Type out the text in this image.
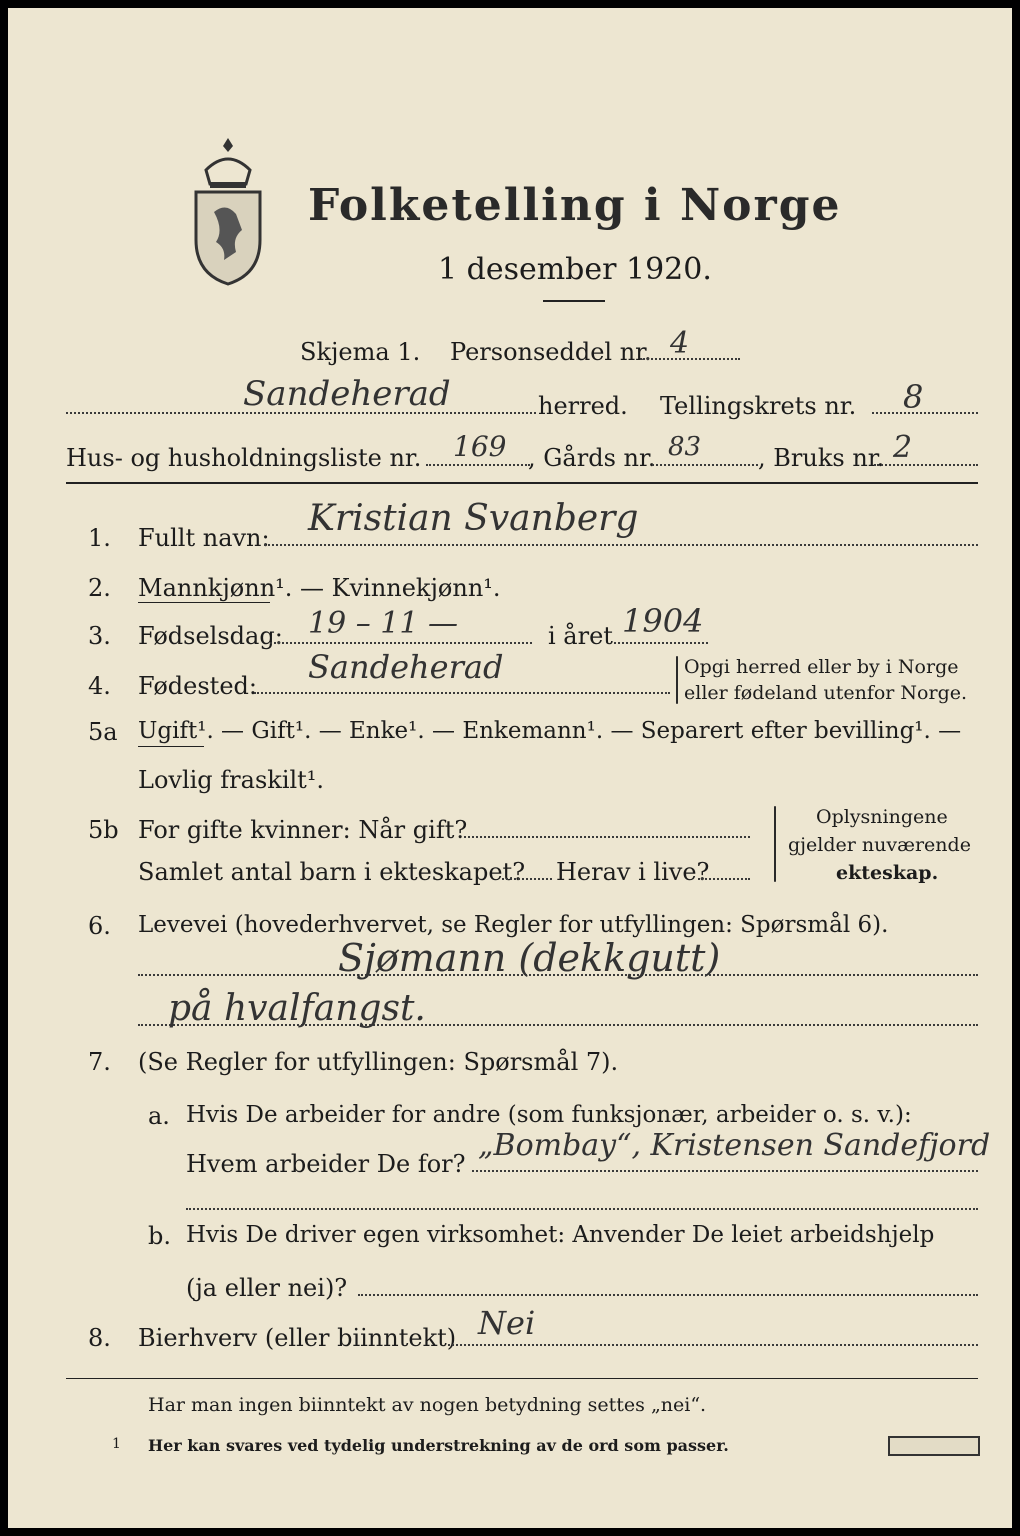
Folketelling i Norge
1 desember 1920.
Skjema 1. Personseddel nr. 4
Sandeherad	herred. Tellingskrets nr. 8
Hus- og husholdningsliste nr. 169 , Gårds nr. 83 , Bruks nr. 2
1. Fullt navn: Kristian Svanberg
2. Mannkjønn¹. — Kvinnekjønn¹.
3. Fødselsdag: 19 – 11 —	i året 1904
4. Fødested: Sandeherad	Opgi herred eller by i Norge
eller fødeland utenfor Norge.
5a Ugift¹. — Gift¹. — Enke¹. — Enkemann¹. — Separert efter bevilling¹. —
Lovlig fraskilt¹.
5b For gifte kvinner: Når gift?
Samlet antal barn i ekteskapet? Herav i live?
Oplysningene
gjelder nuværende
ekteskap.
6. Levevei (hovederhvervet, se Regler for utfyllingen: Spørsmål 6).
Sjømann (dekkgutt)
på hvalfangst.
7. (Se Regler for utfyllingen: Spørsmål 7).
a. Hvis De arbeider for andre (som funksjonær, arbeider o. s. v.):
Hvem arbeider De for?
„Bombay“, Kristensen Sandefjord
b. Hvis De driver egen virksomhet: Anvender De leiet arbeidshjelp
(ja eller nei)?
8. Bierhverv (eller biinntekt) Nei
Har man ingen biinntekt av nogen betydning settes „nei“.
1 Her kan svares ved tydelig understrekning av de ord som passer.
